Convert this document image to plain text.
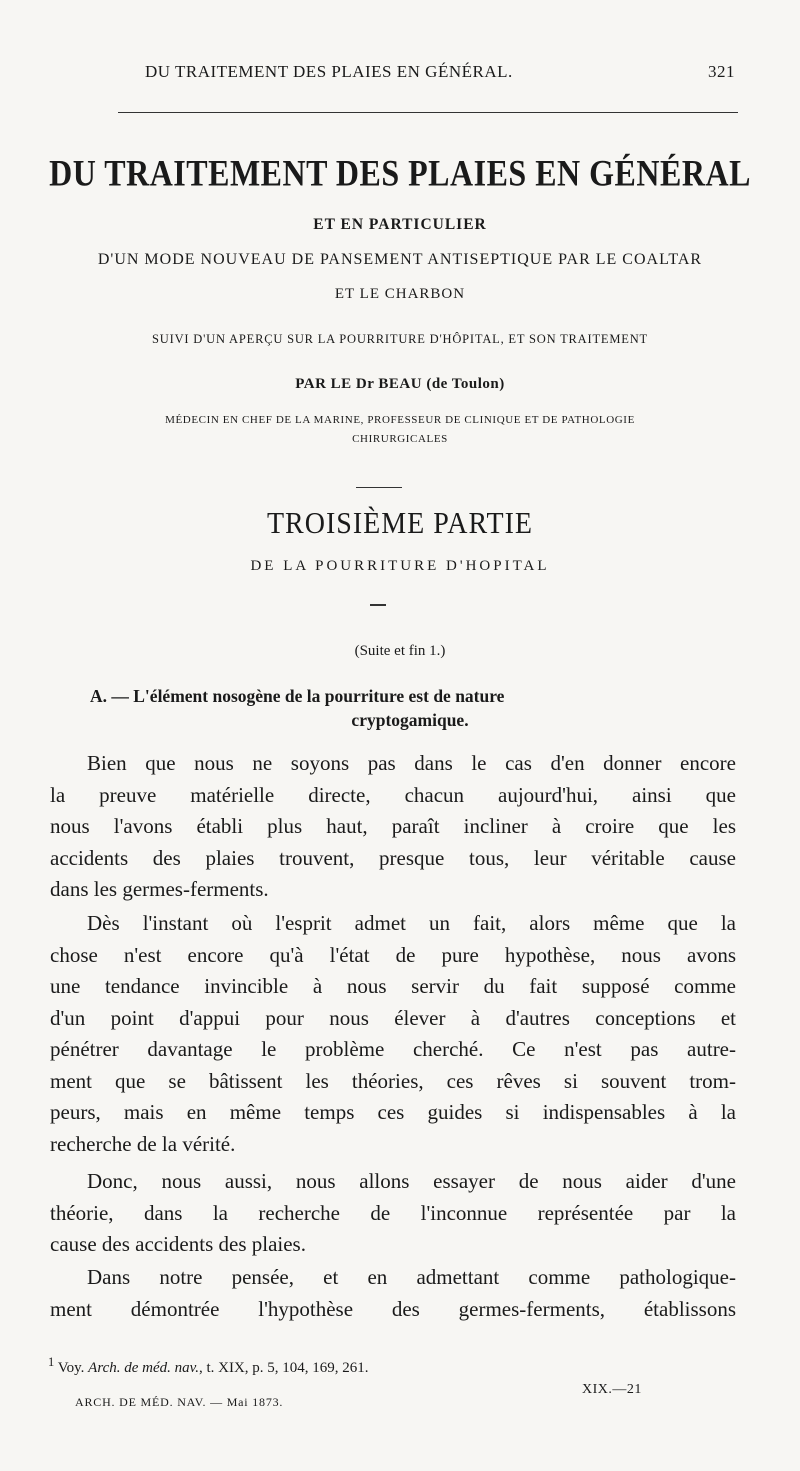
DU TRAITEMENT DES PLAIES EN GÉNÉRAL.	321
DU TRAITEMENT DES PLAIES EN GÉNÉRAL
ET EN PARTICULIER
D'UN MODE NOUVEAU DE PANSEMENT ANTISEPTIQUE PAR LE COALTAR
ET LE CHARBON
SUIVI D'UN APERÇU SUR LA POURRITURE D'HÔPITAL, ET SON TRAITEMENT
PAR LE Dr BEAU (de Toulon)
MÉDECIN EN CHEF DE LA MARINE, PROFESSEUR DE CLINIQUE ET DE PATHOLOGIE
CHIRURGICALES
TROISIÈME PARTIE
DE LA POURRITURE D'HOPITAL
(Suite et fin 1.)
A. — L'élément nosogène de la pourriture est de nature
cryptogamique.
Bien que nous ne soyons pas dans le cas d'en donner encore
la preuve matérielle directe, chacun aujourd'hui, ainsi que
nous l'avons établi plus haut, paraît incliner à croire que les
accidents des plaies trouvent, presque tous, leur véritable cause
dans les germes-ferments.
Dès l'instant où l'esprit admet un fait, alors même que la
chose n'est encore qu'à l'état de pure hypothèse, nous avons
une tendance invincible à nous servir du fait supposé comme
d'un point d'appui pour nous élever à d'autres conceptions et
pénétrer davantage le problème cherché. Ce n'est pas autre-
ment que se bâtissent les théories, ces rêves si souvent trom-
peurs, mais en même temps ces guides si indispensables à la
recherche de la vérité.
Donc, nous aussi, nous allons essayer de nous aider d'une
théorie, dans la recherche de l'inconnue représentée par la
cause des accidents des plaies.
Dans notre pensée, et en admettant comme pathologique-
ment démontrée l'hypothèse des germes-ferments, établissons
$^1$ Voy. Arch. de méd. nav., t. XIX, p. 5, 104, 169, 261.
ARCH. DE MÉD. NAV. — Mai 1873.
XIX.—21
